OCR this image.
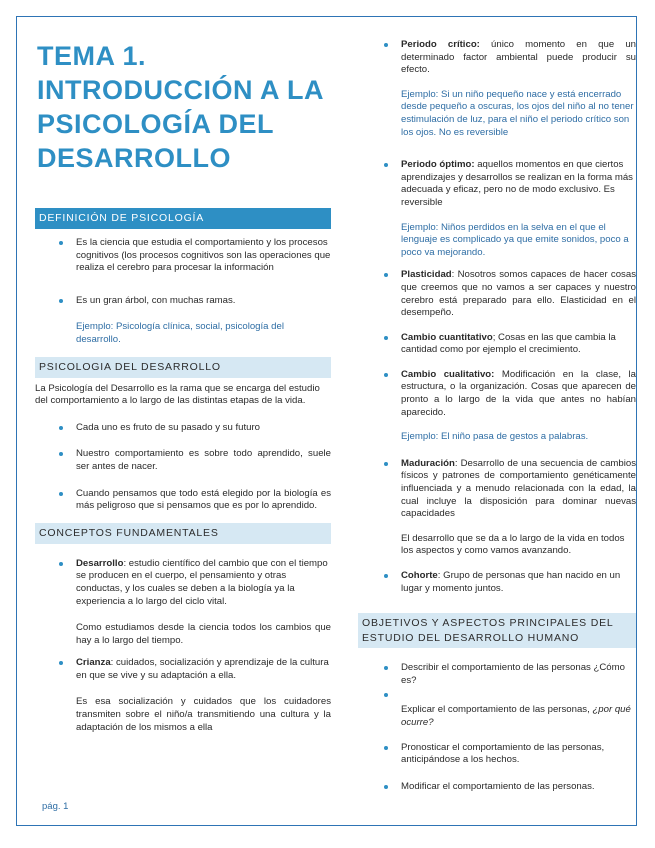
TEMA 1.
INTRODUCCIÓN A LA
PSICOLOGÍA DEL
DESARROLLO
DEFINICIÓN DE PSICOLOGÍA
Es la ciencia que estudia el comportamiento y los procesos cognitivos (los procesos cognitivos son las operaciones que realiza el cerebro para procesar la información
Es un gran árbol, con muchas ramas.

Ejemplo: Psicología clínica, social, psicología del desarrollo.

PSICOLOGIA DEL DESARROLLO

La Psicología del Desarrollo es la rama que se encarga del estudio del comportamiento a lo largo de las distintas etapas de la vida.

Cada uno es fruto de su pasado y su futuro
Nuestro comportamiento es sobre todo aprendido, suele ser antes de nacer.
Cuando pensamos que todo está elegido por la biología es más peligroso que si pensamos que es por lo aprendido.
CONCEPTOS FUNDAMENTALES
Desarrollo: estudio científico del cambio que con el tiempo se producen en el cuerpo, el pensamiento y otras conductas, y los cuales se deben a la biología ya la experiencia a lo largo del ciclo vital.

Como estudiamos desde la ciencia todos los cambios que hay a lo largo del tiempo.

Crianza: cuidados, socialización y aprendizaje de la cultura en que se vive y su adaptación a ella.

Es esa socialización y cuidados que los cuidadores transmiten sobre el niño/a transmitiendo una cultura y la adaptación de los mismos a ella

Periodo crítico: único momento en que un determinado factor ambiental puede producir su efecto.

Ejemplo: Si un niño pequeño nace y está encerrado desde pequeño a oscuras, los ojos del niño al no tener estimulación de luz, para el niño el periodo crítico son los ojos. No es reversible

Periodo óptimo: aquellos momentos en que ciertos aprendizajes y desarrollos se realizan en la forma más adecuada y eficaz, pero no de modo exclusivo. Es reversible

Ejemplo: Niños perdidos en la selva en el que el lenguaje es complicado ya que emite sonidos, poco a poco va mejorando.

Plasticidad: Nosotros somos capaces de hacer cosas que creemos que no vamos a ser capaces y nuestro cerebro está preparado para ello. Elasticidad en el desempeño.
Cambio cuantitativo; Cosas en las que cambia la cantidad como por ejemplo el crecimiento.
Cambio cualitativo: Modificación en la clase, la estructura, o la organización. Cosas que aparecen de pronto a lo largo de la vida que antes no habían aparecido.

Ejemplo: El niño pasa de gestos a palabras.

Maduración: Desarrollo de una secuencia de cambios físicos y patrones de comportamiento genéticamente influenciada y a menudo relacionada con la edad, la cual incluye la disposición para dominar nuevas capacidades

El desarrollo que se da a lo largo de la vida en todos los aspectos y como vamos avanzando.

Cohorte: Grupo de personas que han nacido en un lugar y momento juntos.
OBJETIVOS Y ASPECTOS PRINCIPALES DEL ESTUDIO DEL DESARROLLO HUMANO
Describir el comportamiento de las personas ¿Cómo es?

Explicar el comportamiento de las personas, ¿por qué ocurre?

Pronosticar el comportamiento de las personas, anticipándose a los hechos.
Modificar el comportamiento de las personas.
pág. 1
